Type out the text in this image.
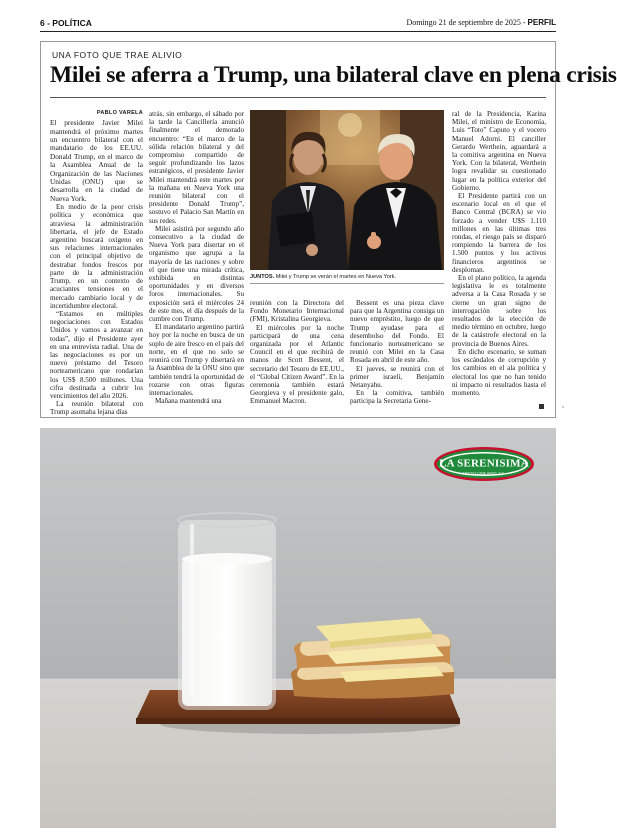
6 - POLÍTICA	Domingo 21 de septiembre de 2025 - PERFIL
UNA FOTO QUE TRAE ALIVIO
Milei se aferra a Trump, una bilateral clave en plena crisis
PABLO VARELA

El presidente Javier Milei mantendrá el próximo martes un encuentro bilateral con el mandatario de los EE.UU. Donald Trump, en el marco de la Asamblea Anual de la Organización de las Naciones Unidas (ONU) que se desarrolla en la ciudad de Nueva York.

En medio de la peor crisis política y económica que atraviesa la administración libertaria, el jefe de Estado argentino buscará oxígeno en sus relaciones internacionales con el principal objetivo de destrabar fondos frescos por parte de la administración Trump, en un contexto de acuciantes tensiones en el mercado cambiario local y de incertidumbre electoral.

“Estamos en múltiples negociaciones con Estados Unidos y vamos a avanzar en todas”, dijo el Presidente ayer en una entrevista radial. Una de las negociaciones es por un nuevo préstamo del Tesoro norteamericano que rondarían los US$ 8.500 millones. Una cifra destinada a cubrir los vencimientos del año 2026.

La reunión bilateral con Trump asomaba lejana días

atrás, sin embargo, el sábado por la tarde la Cancillería anunció finalmente el demorado encuentro: “En el marco de la sólida relación bilateral y del compromiso compartido de seguir profundizando los lazos estratégicos, el presidente Javier Milei mantendrá este martes por la mañana en Nueva York una reunión bilateral con el presidente Donald Trump”, sostuvo el Palacio San Martín en sus redes.

Milei asistirá por segundo año consecutivo a la ciudad de Nueva York para disertar en el organismo que agrupa a la mayoría de las naciones y sobre el que tiene una mirada crítica, exhibida en distintas oportunidades y en diversos foros internacionales. Su exposición será el miércoles 24 de este mes, el día después de la cumbre con Trump.

El mandatario argentino partirá hoy por la noche en busca de un soplo de aire fresco en el país del norte, en el que no solo se reunirá con Trump y disertará en la Asamblea de la ONU sino que también tendrá la oportunidad de rozarse con otras figuras internacionales.

Mañana mantendrá una

JUNTOS. Milei y Trump se verán el martes en Nueva York.

reunión con la Directora del Fondo Monetario Internacional (FMI), Kristalina Georgieva.

El miércoles por la noche participará de una cena organizada por el Atlantic Council en el que recibirá de manos de Scott Bessent, el secretario del Tesoro de EE.UU., el “Global Citizen Award”. En la ceremonia también estará Georgieva y el presidente galo, Emmanuel Macron.

Bessent es una pieza clave para que la Argentina consiga un nuevo empréstito, luego de que Trump ayudase para el desembolso del Fondo. El funcionario norteamericano se reunió con Milei en la Casa Rosada en abril de este año.

El jueves, se reunirá con el primer israelí, Benjamín Netanyahu.

En la comitiva, también participa la Secretaria Gene-

ral de la Presidencia, Karina Milei, el ministro de Economía, Luis “Toto” Caputo y el vocero Manuel Adorni. El canciller Gerardo Werthein, aguardará a la comitiva argentina en Nueva York. Con la bilateral, Werthein logra revalidar su cuestionado lugar en la política exterior del Gobierno.

El Presidente partirá con un escenario local en el que el Banco Central (BCRA) se vio forzado a vender U$S 1.110 millones en las últimas tres rondas, el riesgo país se disparó rompiendo la barrera de los 1.500 puntos y los activos financieros argentinos se desploman.

En el plano político, la agenda legislativa le es totalmente adversa a la Casa Rosada y se cierne un gran signo de interrogación sobre los resultados de la elección de medio término en octubre, luego de la catástrofe electoral en la provincia de Buenos Aires.

En dicho escenario, se suman los escándalos de corrupción y los cambios en el ala política y electoral los que no han tenido ni impacto ni resultados hasta el momento.

LA SERENISIMA
MASTELLONE HNOS. S.A.
